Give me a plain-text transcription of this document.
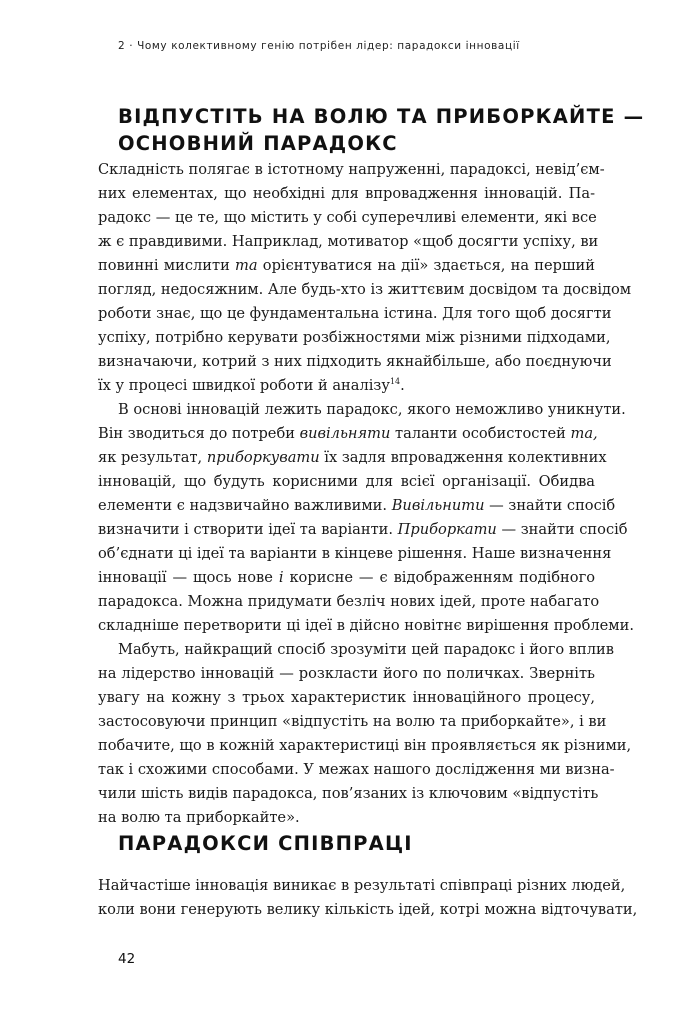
2 · Чому колективному генію потрібен лідер: парадокси інновації
ВІДПУСТІТЬ НА ВОЛЮ ТА ПРИБОРКАЙТЕ —
ОСНОВНИЙ ПАРАДОКС
Складність полягає в істотному напруженні, парадоксі, невід’єм-
них елементах, що необхідні для впровадження інновацій. Па-
радокс — це те, що містить у собі суперечливі елементи, які все
ж є правдивими. Наприклад, мотиватор «щоб досягти успіху, ви
повинні мислити та орієнтуватися на дії» здається, на перший
погляд, недосяжним. Але будь-хто із життєвим досвідом та досвідом
роботи знає, що це фундаментальна істина. Для того щоб досягти
успіху, потрібно керувати розбіжностями між різними підходами,
визначаючи, котрий з них підходить якнайбільше, або поєднуючи
їх у процесі швидкої роботи й аналізу$^{14}$.
В основі інновацій лежить парадокс, якого неможливо уникнути.
Він зводиться до потреби вивільняти таланти особистостей та,
як результат, приборкувати їх задля впровадження колективних
інновацій, що будуть корисними для всієї організації. Обидва
елементи є надзвичайно важливими. Вивільнити — знайти спосіб
визначити і створити ідеї та варіанти. Приборкати — знайти спосіб
об’єднати ці ідеї та варіанти в кінцеве рішення. Наше визначення
інновації — щось нове і корисне — є відображенням подібного
парадокса. Можна придумати безліч нових ідей, проте набагато
складніше перетворити ці ідеї в дійсно новітнє вирішення проблеми.
Мабуть, найкращий спосіб зрозуміти цей парадокс і його вплив
на лідерство інновацій — розкласти його по поличках. Зверніть
увагу на кожну з трьох характеристик інноваційного процесу,
застосовуючи принцип «відпустіть на волю та приборкайте», і ви
побачите, що в кожній характеристиці він проявляється як різними,
так і схожими способами. У межах нашого дослідження ми визна-
чили шість видів парадокса, пов’язаних із ключовим «відпустіть
на волю та приборкайте».
ПАРАДОКСИ СПІВПРАЦІ
Найчастіше інновація виникає в результаті співпраці різних людей,
коли вони генерують велику кількість ідей, котрі можна відточувати,
42
